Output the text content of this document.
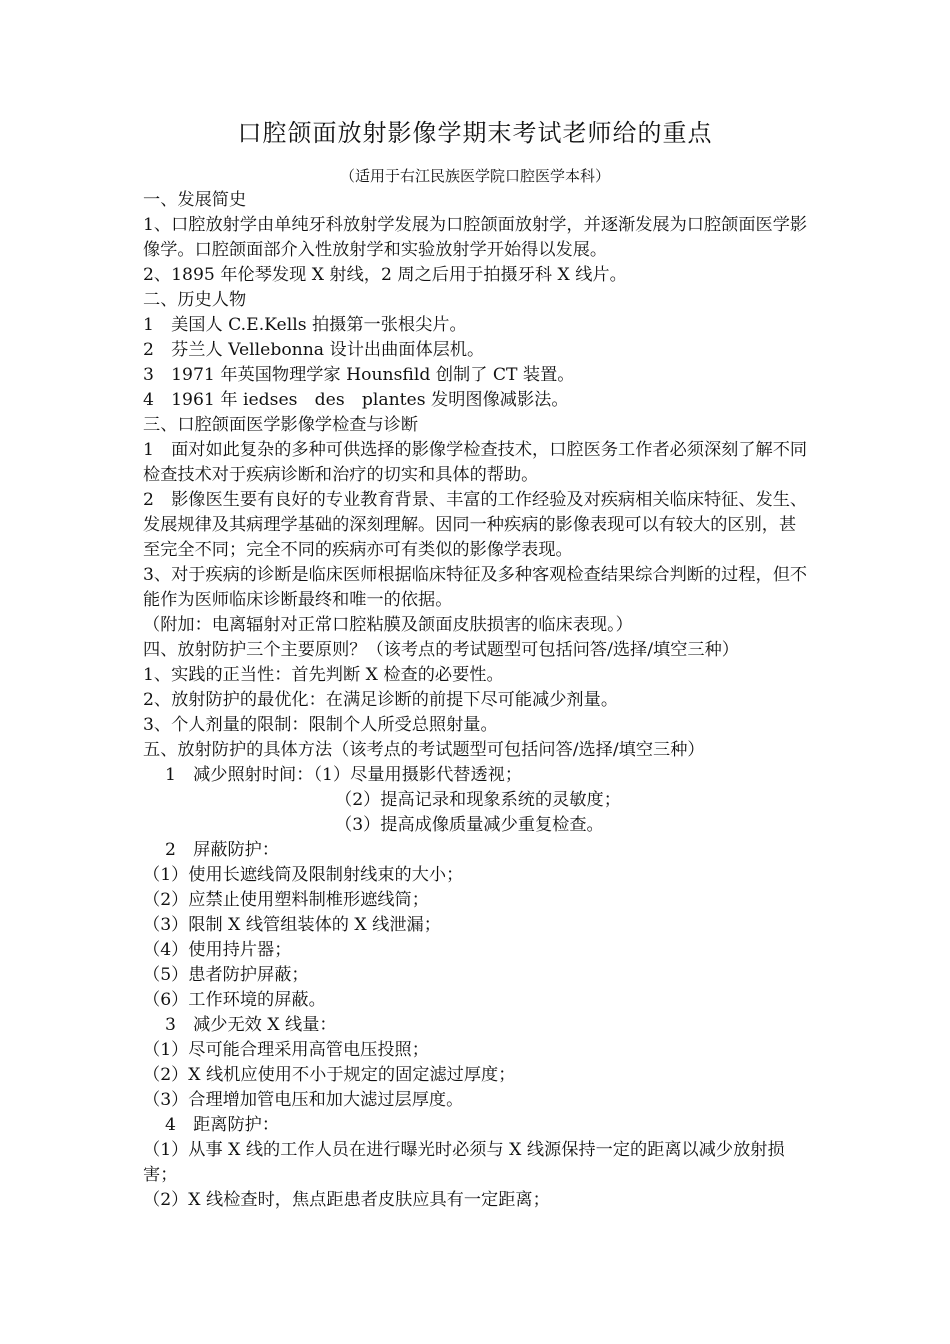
口腔颌面放射影像学期末考试老师给的重点
（适用于右江民族医学院口腔医学本科）

一、发展简史

1、口腔放射学由单纯牙科放射学发展为口腔颌面放射学，并逐渐发展为口腔颌面医学影像学。口腔颌面部介入性放射学和实验放射学开始得以发展。

2、1895 年伦琴发现 X 射线，2 周之后用于拍摄牙科 X 线片。

二、历史人物

1　美国人 C.E.Kells 拍摄第一张根尖片。

2　芬兰人 Vellebonna 设计出曲面体层机。

3　1971 年英国物理学家 Hounsfild 创制了 CT 装置。

4　1961 年 iedses　des　plantes 发明图像减影法。

三、口腔颌面医学影像学检查与诊断

1　面对如此复杂的多种可供选择的影像学检查技术，口腔医务工作者必须深刻了解不同检查技术对于疾病诊断和治疗的切实和具体的帮助。

2　影像医生要有良好的专业教育背景、丰富的工作经验及对疾病相关临床特征、发生、发展规律及其病理学基础的深刻理解。因同一种疾病的影像表现可以有较大的区别，甚至完全不同；完全不同的疾病亦可有类似的影像学表现。

3、对于疾病的诊断是临床医师根据临床特征及多种客观检查结果综合判断的过程，但不能作为医师临床诊断最终和唯一的依据。

（附加：电离辐射对正常口腔粘膜及颌面皮肤损害的临床表现。）

四、放射防护三个主要原则？（该考点的考试题型可包括问答/选择/填空三种）

1、实践的正当性：首先判断 X 检查的必要性。

2、放射防护的最优化：在满足诊断的前提下尽可能减少剂量。

3、个人剂量的限制：限制个人所受总照射量。

五、放射防护的具体方法（该考点的考试题型可包括问答/选择/填空三种）

1　减少照射时间：（1）尽量用摄影代替透视；

（2）提高记录和现象系统的灵敏度；

（3）提高成像质量减少重复检查。

2　屏蔽防护：

（1）使用长遮线筒及限制射线束的大小；

（2）应禁止使用塑料制椎形遮线筒；

（3）限制 X 线管组装体的 X 线泄漏；

（4）使用持片器；

（5）患者防护屏蔽；

（6）工作环境的屏蔽。

3　减少无效 X 线量：

（1）尽可能合理采用高管电压投照；

（2）X 线机应使用不小于规定的固定滤过厚度；

（3）合理增加管电压和加大滤过层厚度。

4　距离防护：

（1）从事 X 线的工作人员在进行曝光时必须与 X 线源保持一定的距离以减少放射损害；

（2）X 线检查时，焦点距患者皮肤应具有一定距离；
